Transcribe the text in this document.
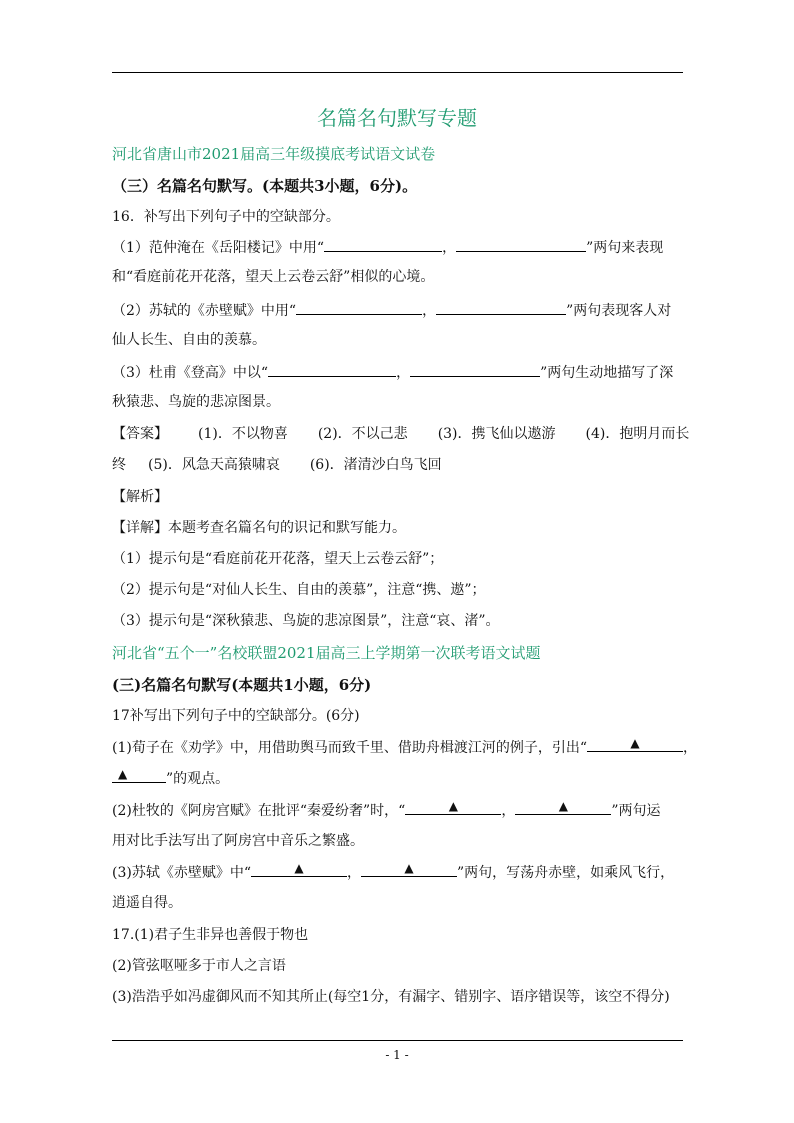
名篇名句默写专题
河北省唐山市2021届高三年级摸底考试语文试卷
（三）名篇名句默写。(本题共3小题，6分)。
16．补写出下列句子中的空缺部分。
（1）范仲淹在《岳阳楼记》中用“	，	”两句来表现
和“看庭前花开花落，望天上云卷云舒”相似的心境。
（2）苏轼的《赤壁赋》中用“	，	”两句表现客人对
仙人长生、自由的羡慕。
（3）杜甫《登高》中以“	，	”两句生动地描写了深
秋猿悲、鸟旋的悲凉图景。
【答案】 (1)．不以物喜 (2)．不以己悲 (3)．携飞仙以遨游 (4)．抱明月而长
终 (5)．风急天高猿啸哀 (6)．渚清沙白鸟飞回
【解析】
【详解】本题考查名篇名句的识记和默写能力。
（1）提示句是“看庭前花开花落，望天上云卷云舒”；
（2）提示句是“对仙人长生、自由的羡慕”，注意“携、遨”；
（3）提示句是“深秋猿悲、鸟旋的悲凉图景”，注意“哀、渚”。
河北省“五个一”名校联盟2021届高三上学期第一次联考语文试题
(三)名篇名句默写(本题共1小题，6分)
17补写出下列句子中的空缺部分。(6分)
(1)荀子在《劝学》中，用借助舆马而致千里、借助舟楫渡江河的例子，引出“	▲	，
▲	”的观点。
(2)杜牧的《阿房宫赋》在批评“秦爱纷奢”时，“	▲	，	▲	”两句运
用对比手法写出了阿房宫中音乐之繁盛。
(3)苏轼《赤壁赋》中“	▲	，	▲	”两句，写荡舟赤壁，如乘风飞行，
逍遥自得。
17.(1)君子生非异也善假于物也
(2)管弦呕哑多于市人之言语
(3)浩浩乎如冯虚御风而不知其所止(每空1分，有漏字、错别字、语序错误等，该空不得分)
- 1 -
